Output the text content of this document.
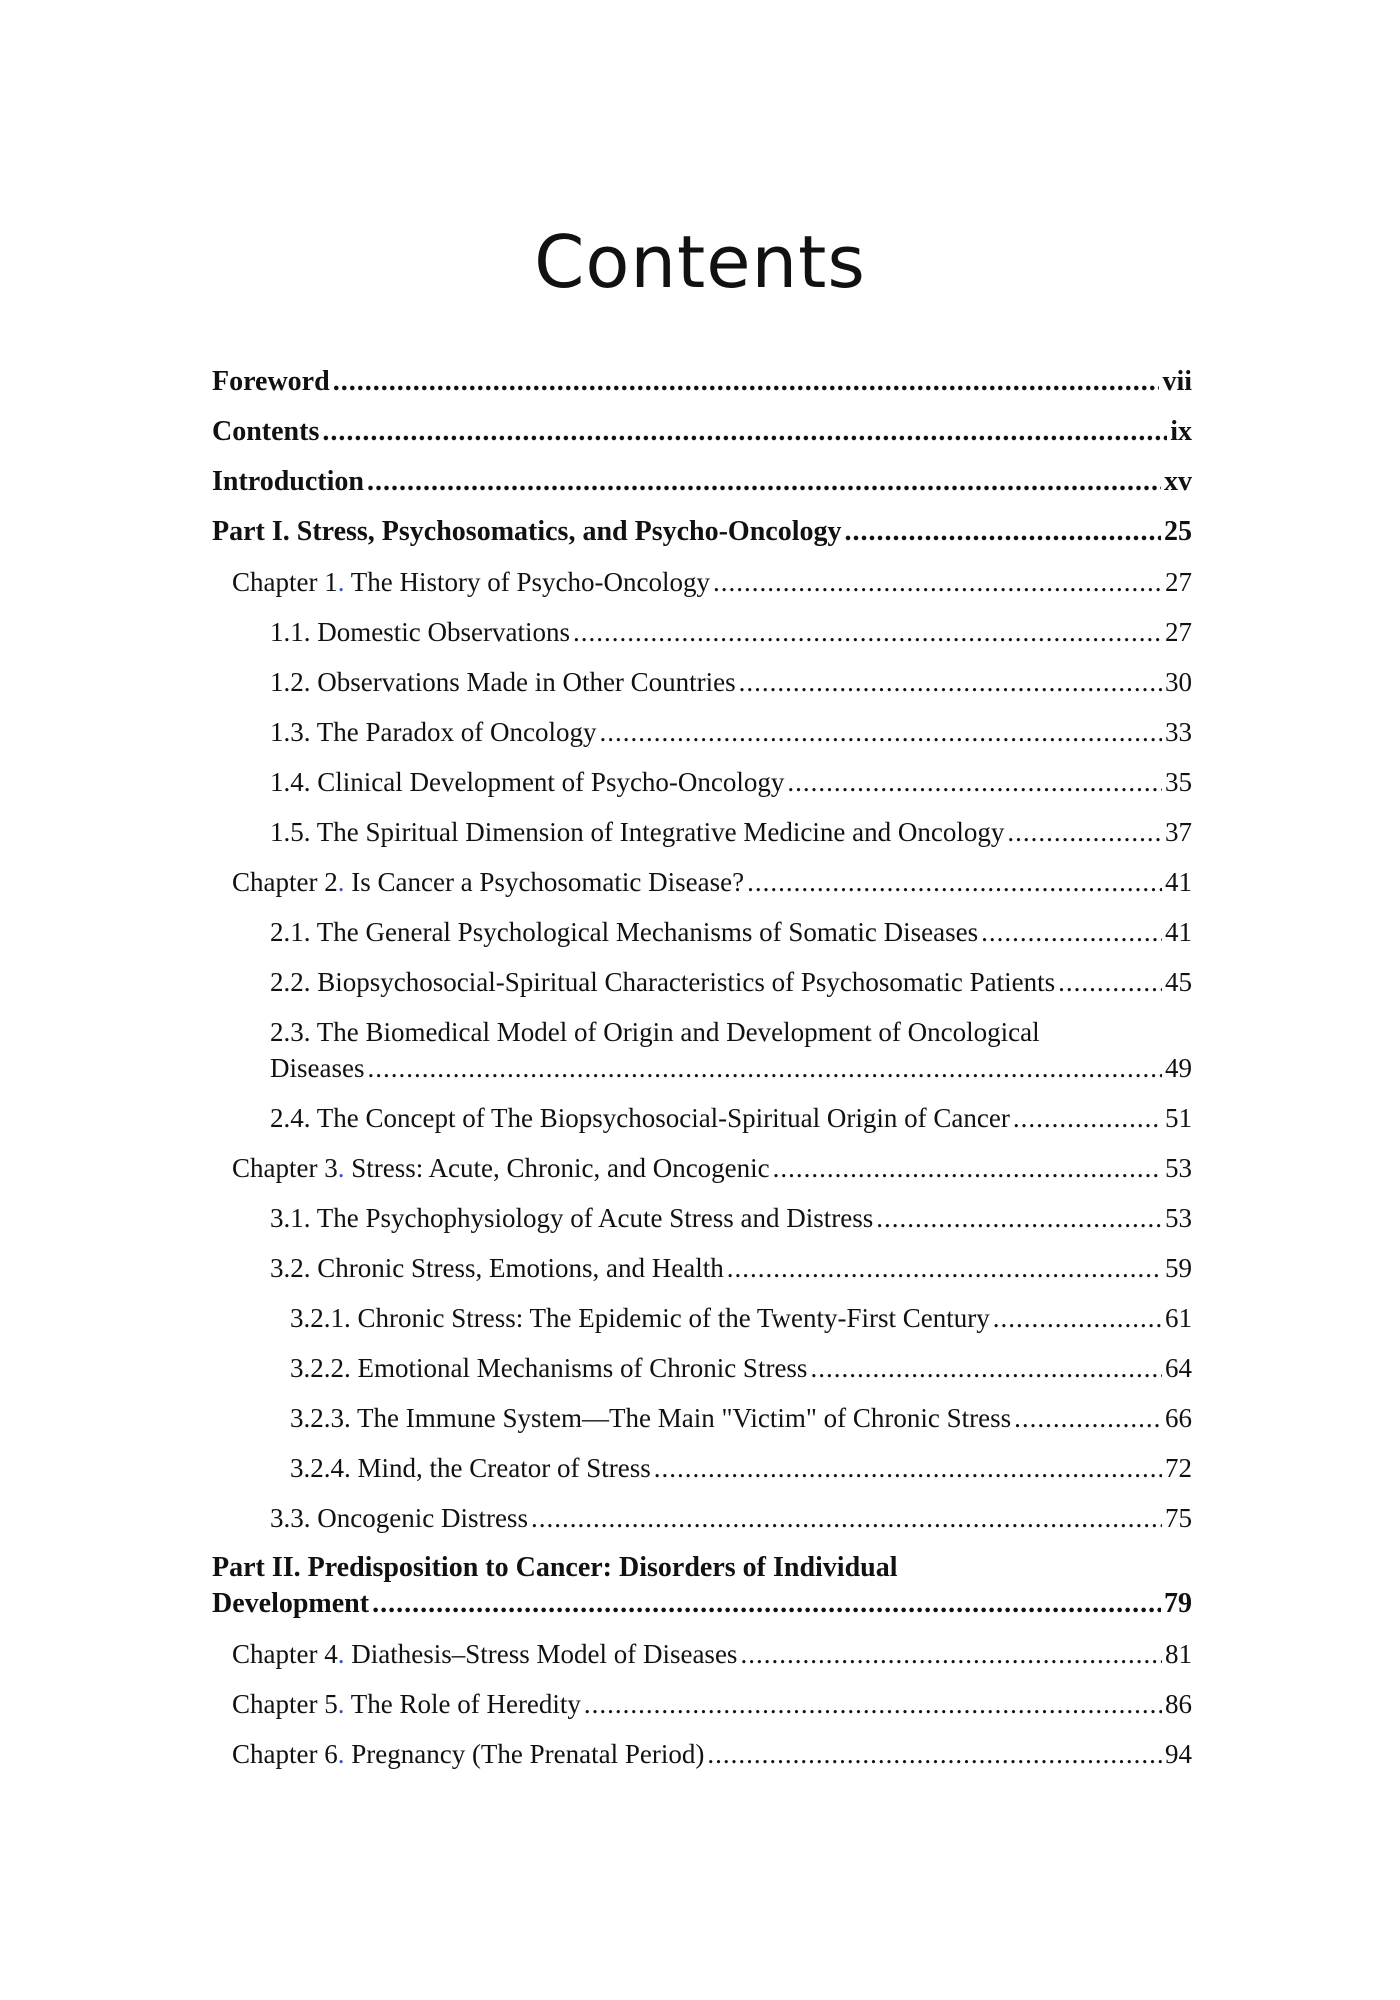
Contents
Foreword .....	vii
Contents .....	ix
Introduction .....	xv
Part I. Stress, Psychosomatics, and Psycho-Oncology .....	25
Chapter 1. The History of Psycho-Oncology .....	27
1.1. Domestic Observations .....	27
1.2. Observations Made in Other Countries .....	30
1.3. The Paradox of Oncology .....	33
1.4. Clinical Development of Psycho-Oncology .....	35
1.5. The Spiritual Dimension of Integrative Medicine and Oncology .....	37
Chapter 2. Is Cancer a Psychosomatic Disease? .....	41
2.1. The General Psychological Mechanisms of Somatic Diseases .....	41
2.2. Biopsychosocial-Spiritual Characteristics of Psychosomatic Patients .....	45
2.3. The Biomedical Model of Origin and Development of Oncological
Diseases .....	49
2.4. The Concept of The Biopsychosocial-Spiritual Origin of Cancer .....	51
Chapter 3. Stress: Acute, Chronic, and Oncogenic .....	53
3.1. The Psychophysiology of Acute Stress and Distress .....	53
3.2. Chronic Stress, Emotions, and Health .....	59
3.2.1. Chronic Stress: The Epidemic of the Twenty-First Century .....	61
3.2.2. Emotional Mechanisms of Chronic Stress .....	64
3.2.3. The Immune System—The Main "Victim" of Chronic Stress .....	66
3.2.4. Mind, the Creator of Stress .....	72
3.3. Oncogenic Distress .....	75
Part II. Predisposition to Cancer: Disorders of Individual
Development .....	79
Chapter 4. Diathesis–Stress Model of Diseases .....	81
Chapter 5. The Role of Heredity .....	86
Chapter 6. Pregnancy (The Prenatal Period) .....	94
